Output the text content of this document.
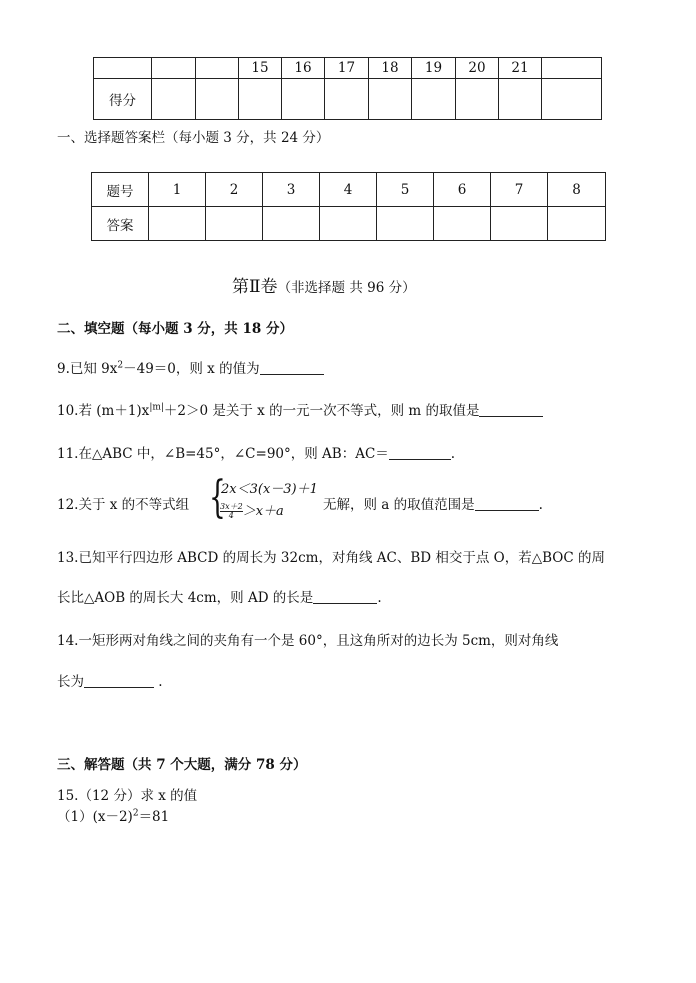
			15	16	17	18	19	20	21	
得分										
一、选择题答案栏（每小题 3 分，共 24 分）
题号	1	2	3	4	5	6	7	8
答案								
第Ⅱ卷（非选择题 共 96 分）
二、填空题（每小题 3 分，共 18 分）
9.已知 $9x^2-49=0$，则 x 的值为
10.若 $(m+1)x^{|m|}+2>0$ 是关于 x 的一元一次不等式，则 m 的取值是
11.在△ABC 中，∠B=45°，∠C=90°，则 AB：AC＝	.
12.关于 x 的不等式组 {
2x＜3(x－3)＋1
$\frac{3x+2}{4} >x+a$	无解，则 a 的取值范围是	.
13.已知平行四边形 ABCD 的周长为 32cm，对角线 AC、BD 相交于点 O，若△BOC 的周
长比△AOB 的周长大 4cm，则 AD 的长是	.
14.一矩形两对角线之间的夹角有一个是 60°，且这角所对的边长为 5cm，则对角线
长为	.
三、解答题（共 7 个大题，满分 78 分）
15.（12 分）求 x 的值
$(1)(x-2)^2=81$
